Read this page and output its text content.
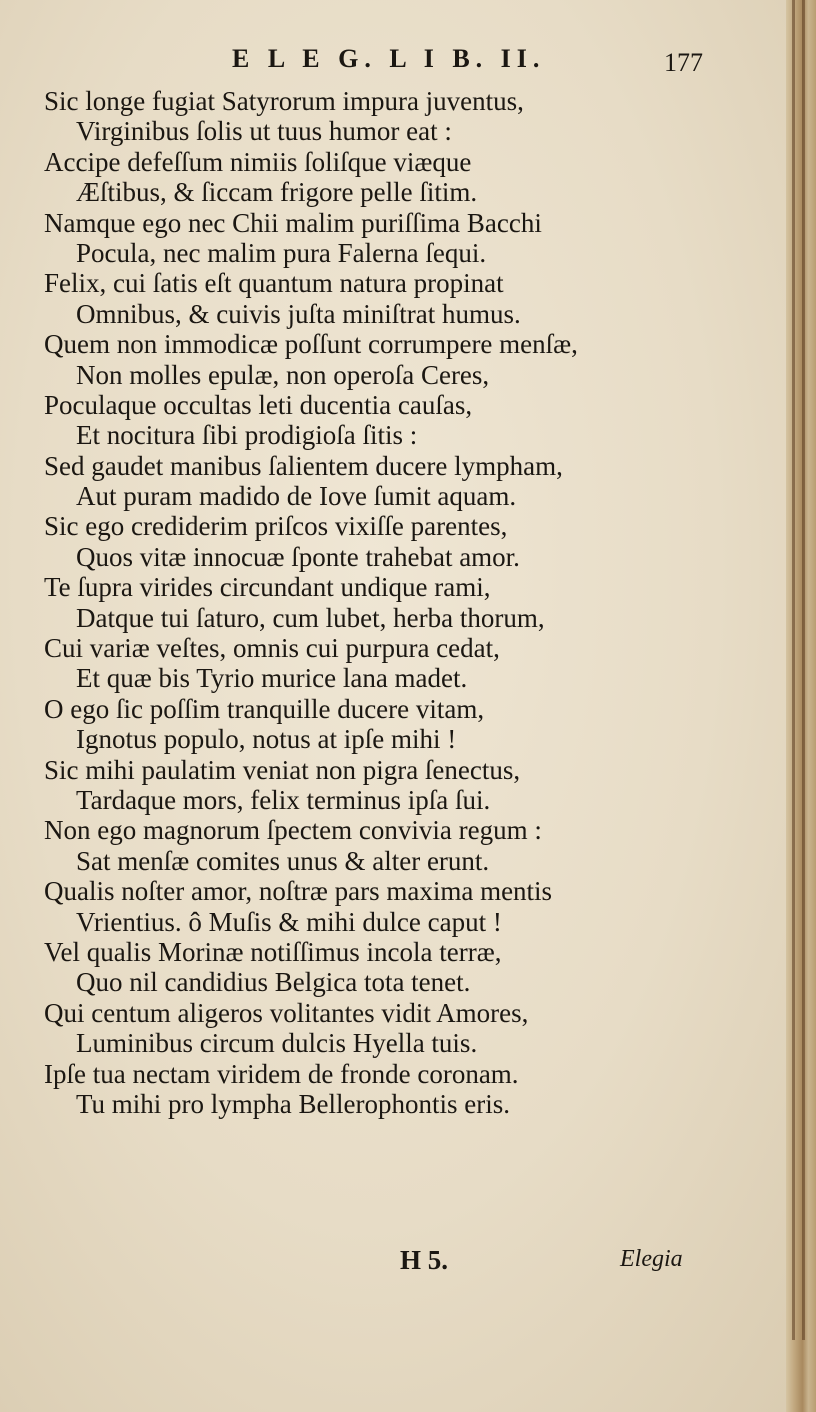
E L E G. L I B. II.	177
Sic longe fugiat Satyrorum impura juventus,
Virginibus ſolis ut tuus humor eat :
Accipe defeſſum nimiis ſoliſque viæque
Æſtibus, & ſiccam frigore pelle ſitim.
Namque ego nec Chii malim puriſſima Bacchi
Pocula, nec malim pura Falerna ſequi.
Felix, cui ſatis eſt quantum natura propinat
Omnibus, & cuivis juſta miniſtrat humus.
Quem non immodicæ poſſunt corrumpere menſæ,
Non molles epulæ, non operoſa Ceres,
Poculaque occultas leti ducentia cauſas,
Et nocitura ſibi prodigioſa ſitis :
Sed gaudet manibus ſalientem ducere lympham,
Aut puram madido de Iove ſumit aquam.
Sic ego crediderim priſcos vixiſſe parentes,
Quos vitæ innocuæ ſponte trahebat amor.
Te ſupra virides circundant undique rami,
Datque tui ſaturo, cum lubet, herba thorum,
Cui variæ veſtes, omnis cui purpura cedat,
Et quæ bis Tyrio murice lana madet.
O ego ſic poſſim tranquille ducere vitam,
Ignotus populo, notus at ipſe mihi !
Sic mihi paulatim veniat non pigra ſenectus,
Tardaque mors, felix terminus ipſa ſui.
Non ego magnorum ſpectem convivia regum :
Sat menſæ comites unus & alter erunt.
Qualis noſter amor, noſtræ pars maxima mentis
Vrientius. ô Muſis & mihi dulce caput !
Vel qualis Morinæ notiſſimus incola terræ,
Quo nil candidius Belgica tota tenet.
Qui centum aligeros volitantes vidit Amores,
Luminibus circum dulcis Hyella tuis.
Ipſe tua nectam viridem de fronde coronam.
Tu mihi pro lympha Bellerophontis eris.
H 5.	Elegia
